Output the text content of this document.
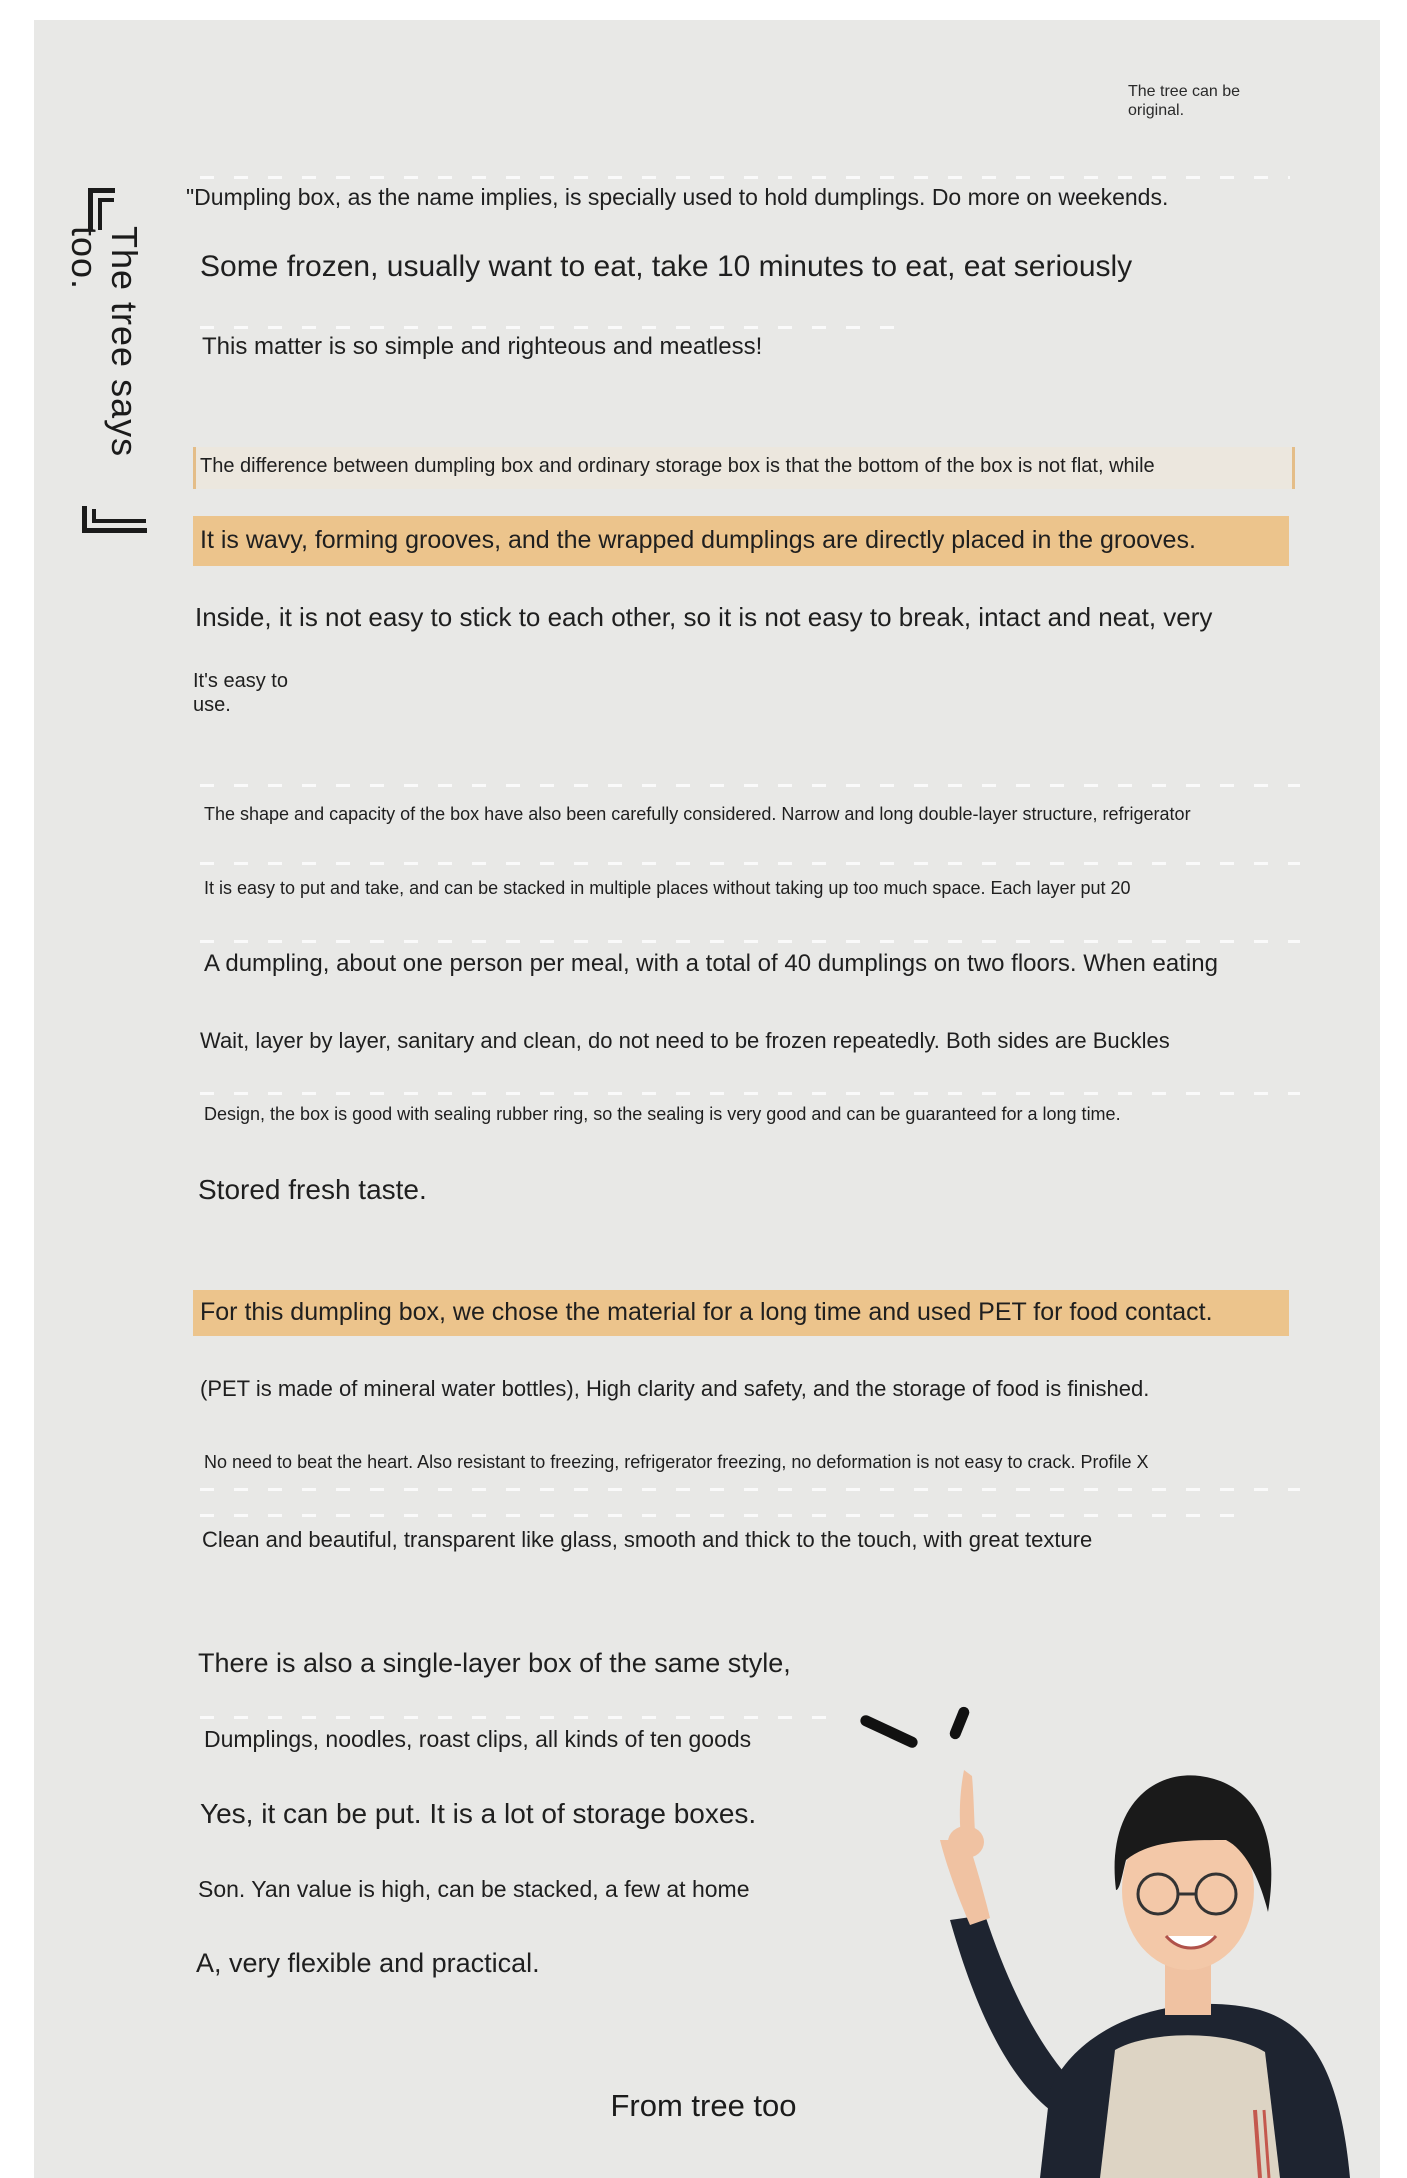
The tree can be original.
The tree says
too.
"Dumpling box, as the name implies, is specially used to hold dumplings. Do more on weekends.
Some frozen, usually want to eat, take 10 minutes to eat, eat seriously
This matter is so simple and righteous and meatless!
The difference between dumpling box and ordinary storage box is that the bottom of the box is not flat, while
It is wavy, forming grooves, and the wrapped dumplings are directly placed in the grooves.
Inside, it is not easy to stick to each other, so it is not easy to break, intact and neat, very
It's easy to
use.
The shape and capacity of the box have also been carefully considered. Narrow and long double-layer structure, refrigerator
It is easy to put and take, and can be stacked in multiple places without taking up too much space. Each layer put 20
A dumpling, about one person per meal, with a total of 40 dumplings on two floors. When eating
Wait, layer by layer, sanitary and clean, do not need to be frozen repeatedly. Both sides are Buckles
Design, the box is good with sealing rubber ring, so the sealing is very good and can be guaranteed for a long time.
Stored fresh taste.
For this dumpling box, we chose the material for a long time and used PET for food contact.
(PET is made of mineral water bottles), High clarity and safety, and the storage of food is finished.
No need to beat the heart. Also resistant to freezing, refrigerator freezing, no deformation is not easy to crack. Profile X
Clean and beautiful, transparent like glass, smooth and thick to the touch, with great texture
There is also a single-layer box of the same style,
Dumplings, noodles, roast clips, all kinds of ten goods
Yes, it can be put. It is a lot of storage boxes.
Son. Yan value is high, can be stacked, a few at home
A, very flexible and practical.
From tree too
